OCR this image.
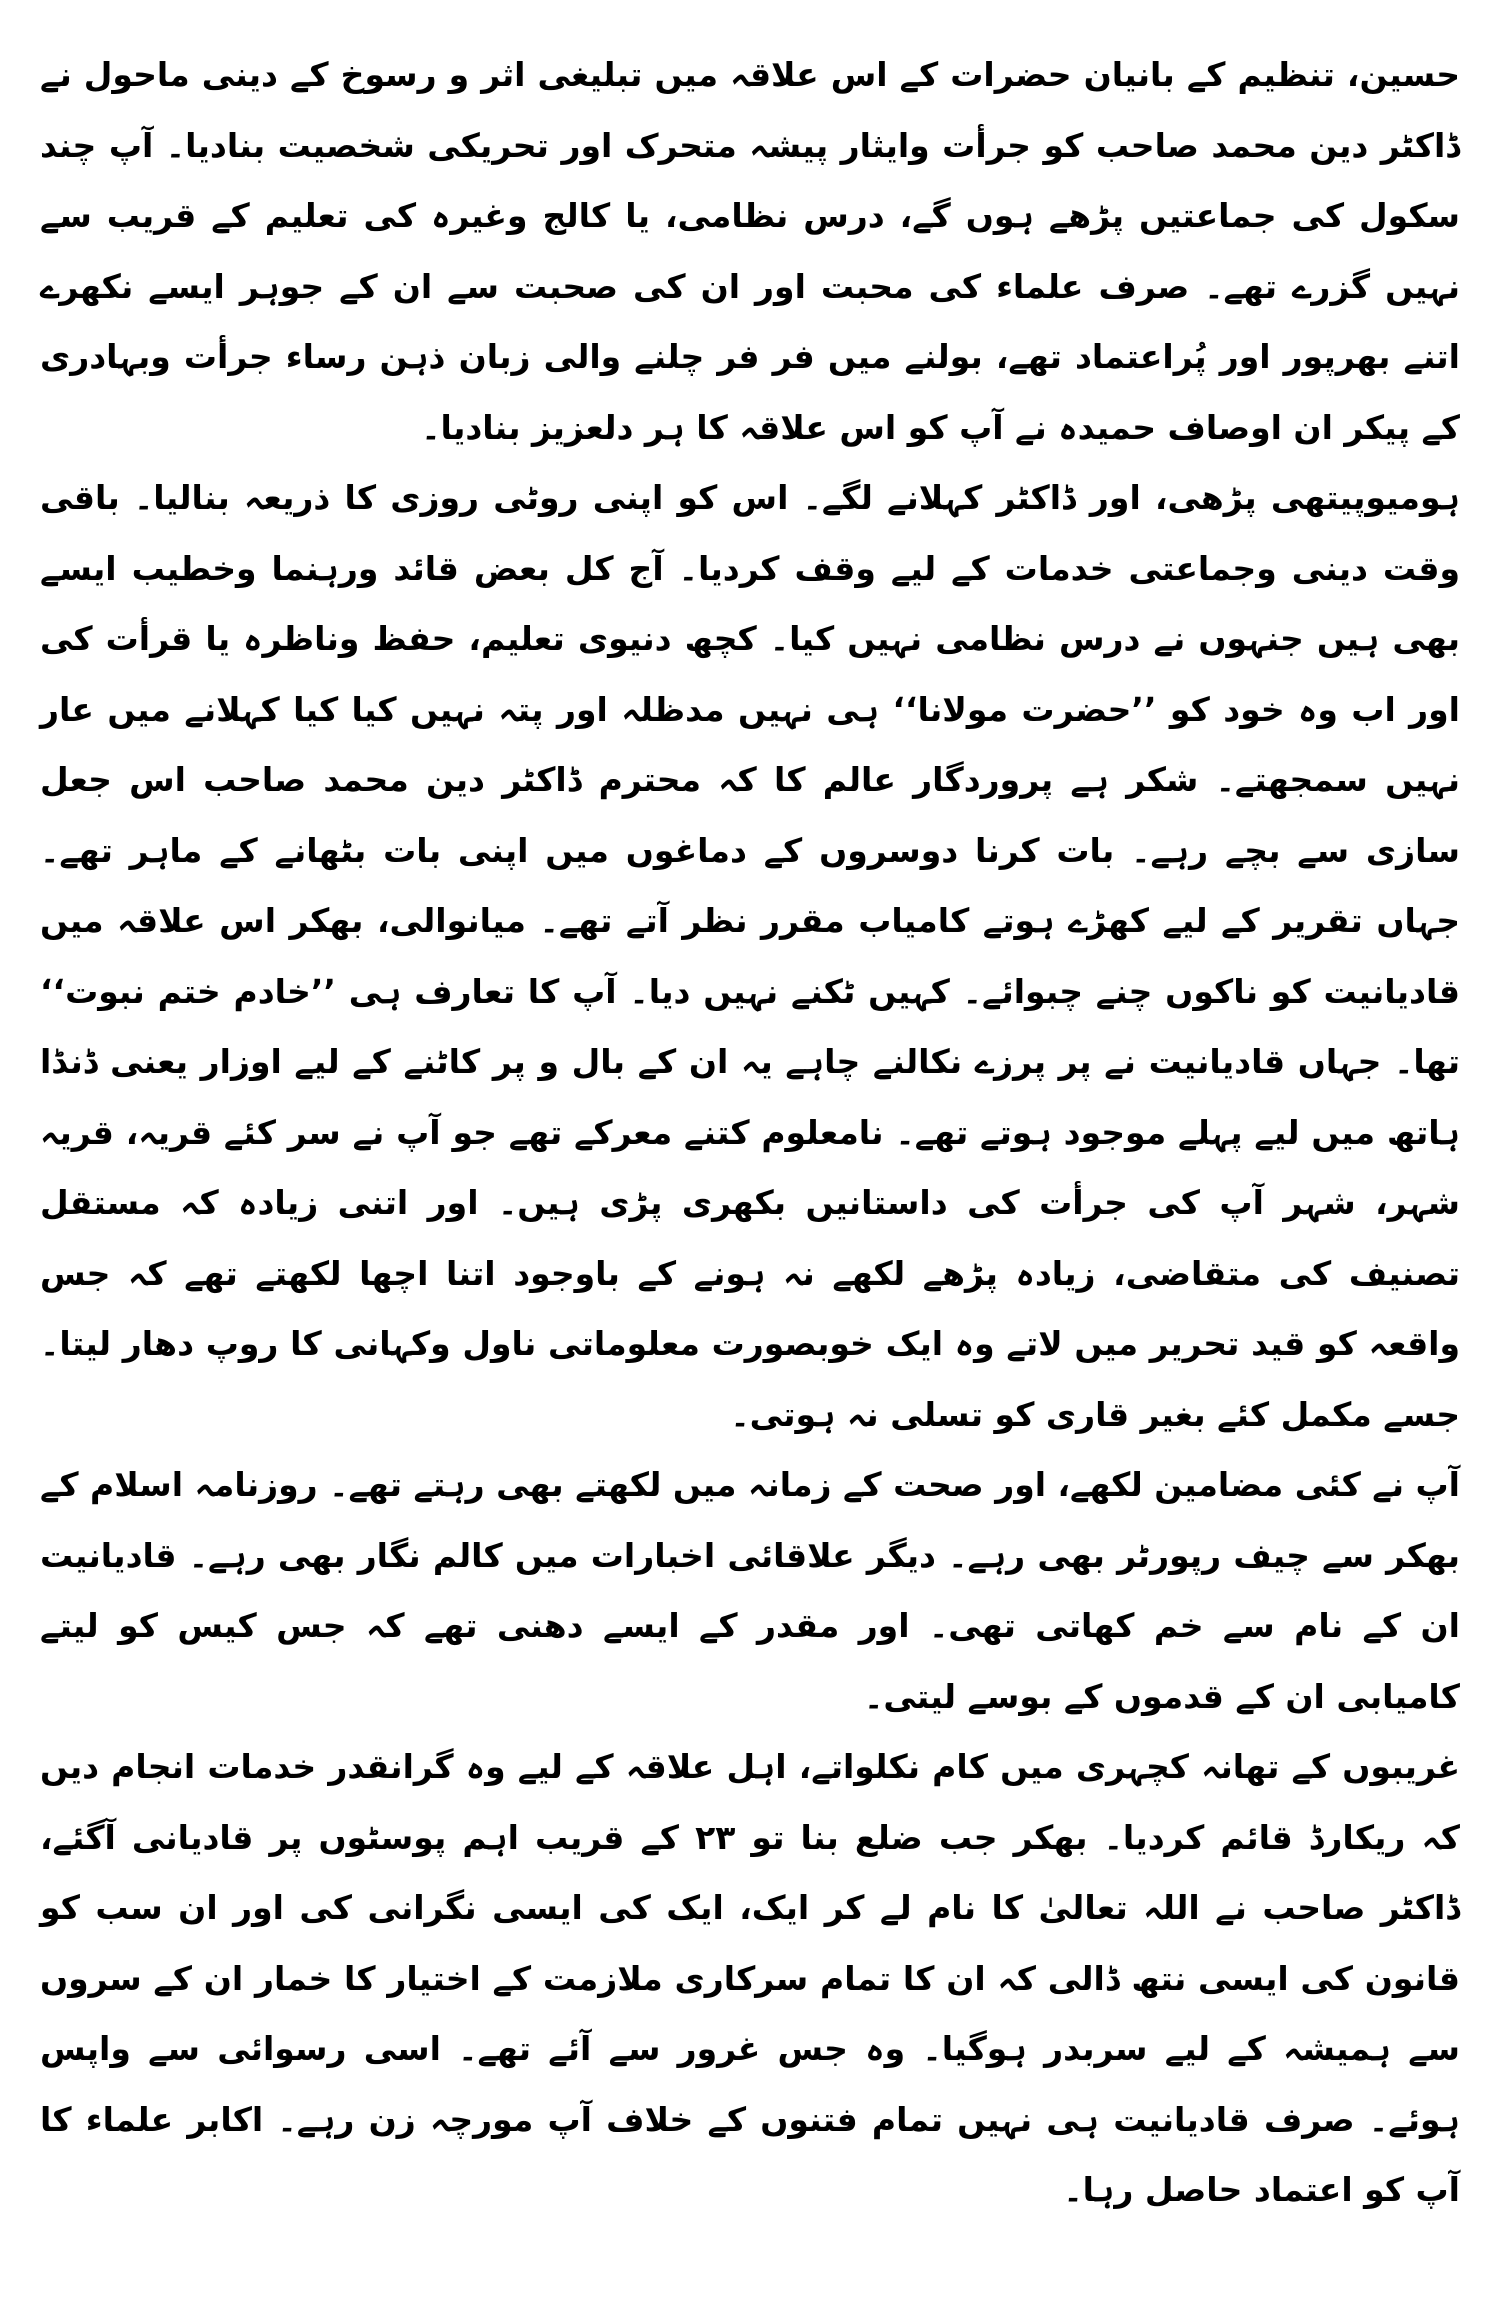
حسین، تنظیم کے بانیان حضرات کے اس علاقہ میں تبلیغی اثر و رسوخ کے دینی ماحول نے ڈاکٹر دین محمد صاحب کو جرأت وایثار پیشہ متحرک اور تحریکی شخصیت بنادیا۔ آپ چند سکول کی جماعتیں پڑھے ہوں گے، درس نظامی، یا کالج وغیرہ کی تعلیم کے قریب سے نہیں گزرے تھے۔ صرف علماء کی محبت اور ان کی صحبت سے ان کے جوہر ایسے نکھرے اتنے بھرپور اور پُراعتماد تھے، بولنے میں فر فر چلنے والی زبان ذہن رساء جرأت وبہادری کے پیکر ان اوصاف حمیدہ نے آپ کو اس علاقہ کا ہر دلعزیز بنادیا۔

ہومیوپیتھی پڑھی، اور ڈاکٹر کہلانے لگے۔ اس کو اپنی روٹی روزی کا ذریعہ بنالیا۔ باقی وقت دینی وجماعتی خدمات کے لیے وقف کردیا۔ آج کل بعض قائد ورہنما وخطیب ایسے بھی ہیں جنہوں نے درس نظامی نہیں کیا۔ کچھ دنیوی تعلیم، حفظ وناظرہ یا قرأت کی اور اب وہ خود کو ’’حضرت مولانا‘‘ ہی نہیں مدظلہ اور پتہ نہیں کیا کیا کہلانے میں عار نہیں سمجھتے۔ شکر ہے پروردگار عالم کا کہ محترم ڈاکٹر دین محمد صاحب اس جعل سازی سے بچے رہے۔ بات کرنا دوسروں کے دماغوں میں اپنی بات بٹھانے کے ماہر تھے۔ جہاں تقریر کے لیے کھڑے ہوتے کامیاب مقرر نظر آتے تھے۔ میانوالی، بھکر اس علاقہ میں قادیانیت کو ناکوں چنے چبوائے۔ کہیں ٹکنے نہیں دیا۔ آپ کا تعارف ہی ’’خادم ختم نبوت‘‘ تھا۔ جہاں قادیانیت نے پر پرزے نکالنے چاہے یہ ان کے بال و پر کاٹنے کے لیے اوزار یعنی ڈنڈا ہاتھ میں لیے پہلے موجود ہوتے تھے۔ نامعلوم کتنے معرکے تھے جو آپ نے سر کئے قریہ، قریہ شہر، شہر آپ کی جرأت کی داستانیں بکھری پڑی ہیں۔ اور اتنی زیادہ کہ مستقل تصنیف کی متقاضی، زیادہ پڑھے لکھے نہ ہونے کے باوجود اتنا اچھا لکھتے تھے کہ جس واقعہ کو قید تحریر میں لاتے وہ ایک خوبصورت معلوماتی ناول وکہانی کا روپ دھار لیتا۔ جسے مکمل کئے بغیر قاری کو تسلی نہ ہوتی۔

آپ نے کئی مضامین لکھے، اور صحت کے زمانہ میں لکھتے بھی رہتے تھے۔ روزنامہ اسلام کے بھکر سے چیف رپورٹر بھی رہے۔ دیگر علاقائی اخبارات میں کالم نگار بھی رہے۔ قادیانیت ان کے نام سے خم کھاتی تھی۔ اور مقدر کے ایسے دھنی تھے کہ جس کیس کو لیتے کامیابی ان کے قدموں کے بوسے لیتی۔

غریبوں کے تھانہ کچہری میں کام نکلواتے، اہل علاقہ کے لیے وہ گرانقدر خدمات انجام دیں کہ ریکارڈ قائم کردیا۔ بھکر جب ضلع بنا تو ۲۳ کے قریب اہم پوسٹوں پر قادیانی آگئے، ڈاکٹر صاحب نے اللہ تعالیٰ کا نام لے کر ایک، ایک کی ایسی نگرانی کی اور ان سب کو قانون کی ایسی نتھ ڈالی کہ ان کا تمام سرکاری ملازمت کے اختیار کا خمار ان کے سروں سے ہمیشہ کے لیے سربدر ہوگیا۔ وہ جس غرور سے آئے تھے۔ اسی رسوائی سے واپس ہوئے۔ صرف قادیانیت ہی نہیں تمام فتنوں کے خلاف آپ مورچہ زن رہے۔ اکابر علماء کا آپ کو اعتماد حاصل رہا۔
